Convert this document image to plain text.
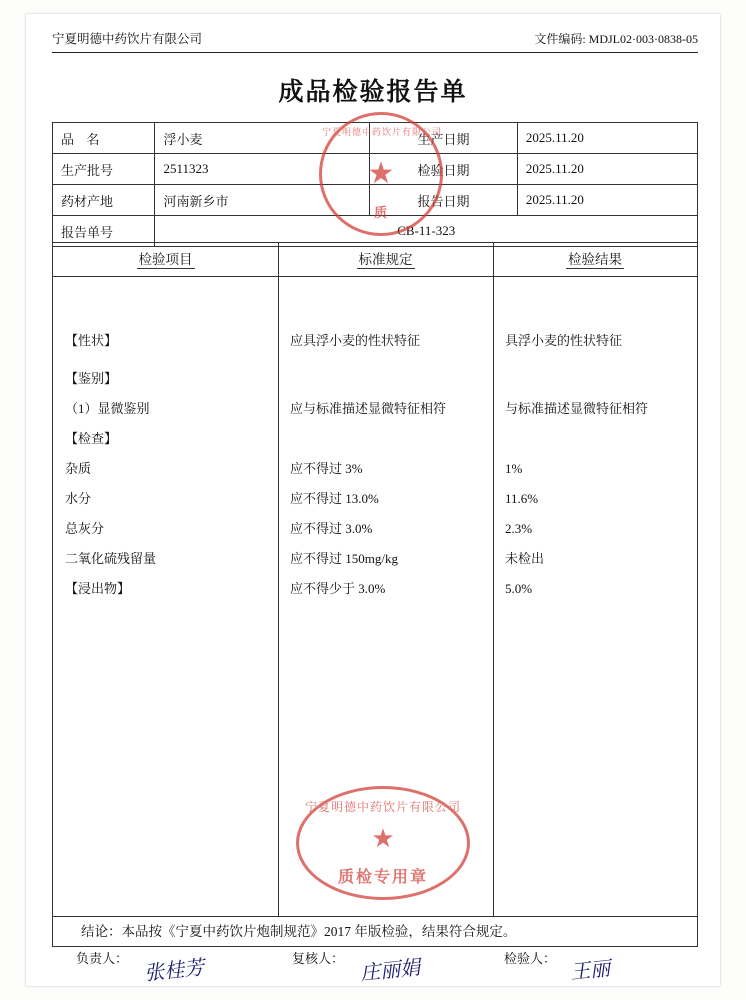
宁夏明德中药饮片有限公司	文件编码: MDJL02·003·0838-05
成品检验报告单
品 名	浮小麦	生产日期	2025.11.20
生产批号	2511323	检验日期	2025.11.20
药材产地	河南新乡市	报告日期	2025.11.20
报告单号	CB-11-323		
检验项目	标准规定	检验结果
【性状】	应具浮小麦的性状特征	具浮小麦的性状特征
【鉴别】
（1）显微鉴别	应与标准描述显微特征相符	与标准描述显微特征相符
【检查】
杂质	应不得过 3%	1%
水分	应不得过 13.0%	11.6%
总灰分	应不得过 3.0%	2.3%
二氧化硫残留量	应不得过 150mg/kg	未检出
【浸出物】	应不得少于 3.0%	5.0%
结论：本品按《宁夏中药饮片炮制规范》2017 年版检验，结果符合规定。
负责人： 张桂芳	复核人： 庄丽娟	检验人： 王丽
宁夏明德中药饮片有限公司
★
质
宁夏明德中药饮片有限公司
★
质检专用章
